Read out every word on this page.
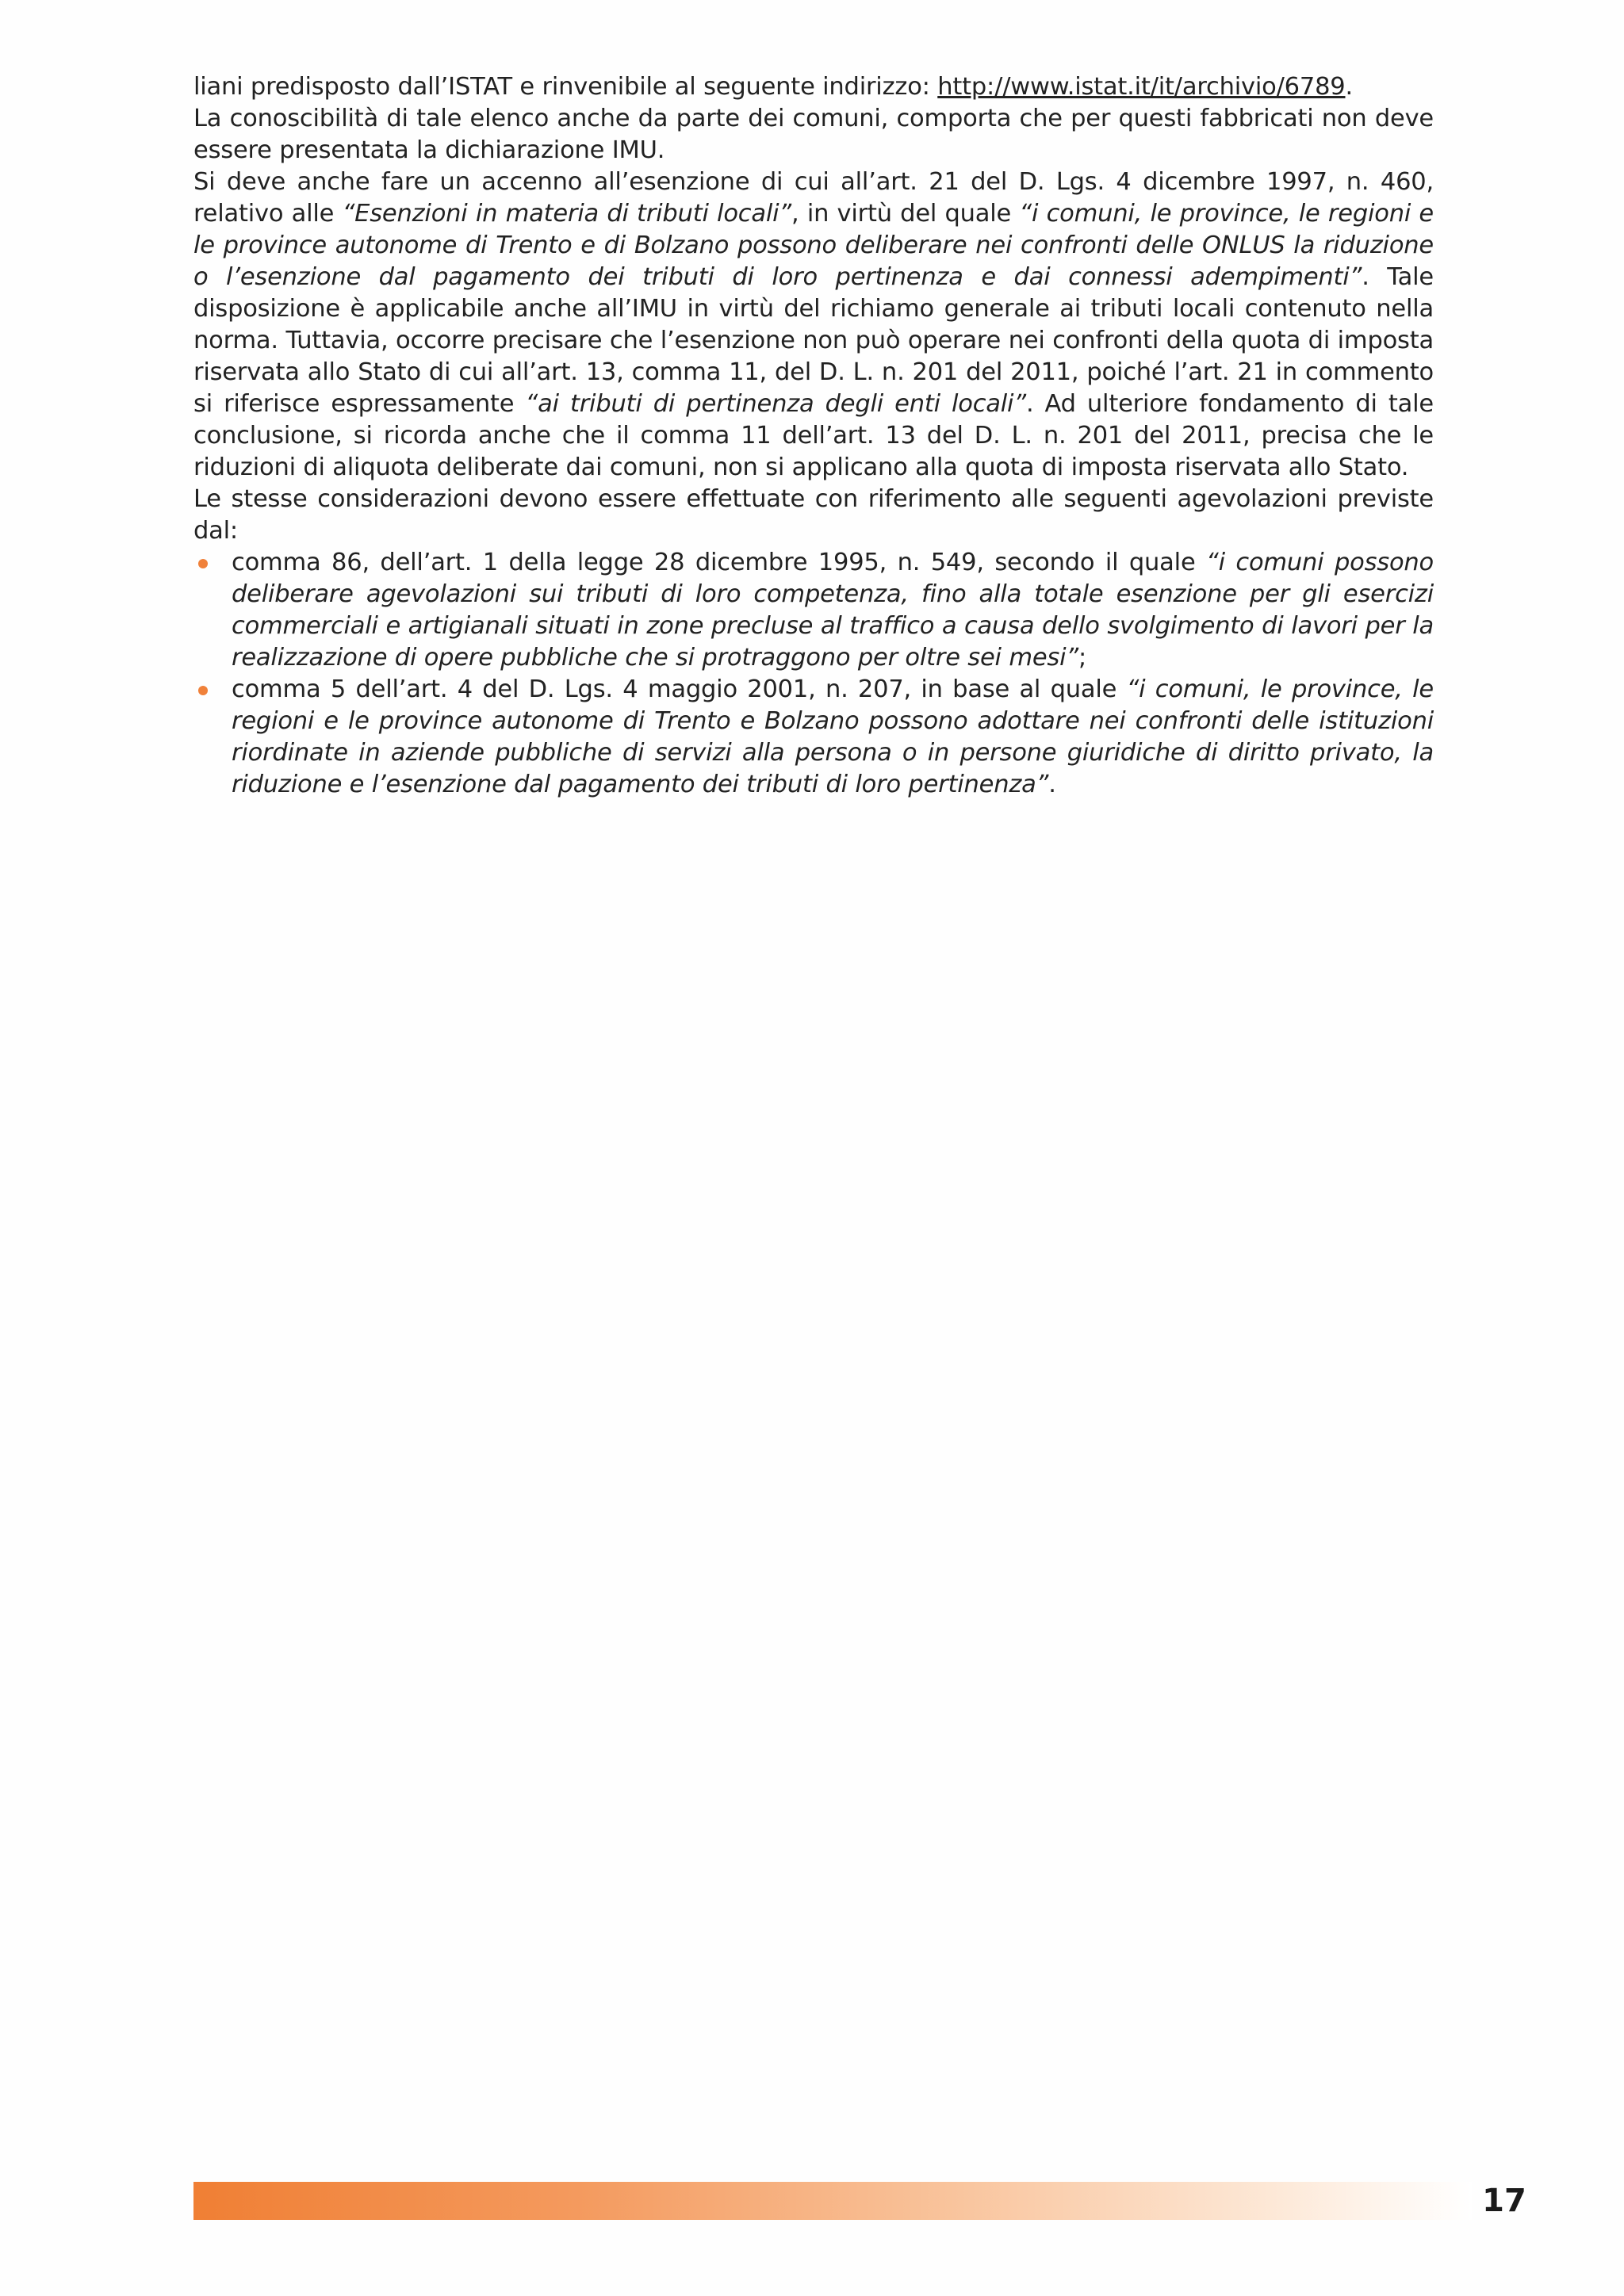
liani predisposto dall’ISTAT e rinvenibile al seguente indirizzo: http://www.istat.it/it/archivio/6789.

La conoscibilità di tale elenco anche da parte dei comuni, comporta che per questi fabbricati non deve essere presentata la dichiarazione IMU.

Si deve anche fare un accenno all’esenzione di cui all’art. 21 del D. Lgs. 4 dicembre 1997, n. 460, relativo alle “Esenzioni in materia di tributi locali”, in virtù del quale “i comuni, le province, le regioni e le province autonome di Trento e di Bolzano possono deliberare nei confronti delle ONLUS la riduzione o l’esenzione dal pagamento dei tributi di loro pertinenza e dai connessi adempimenti”. Tale disposizione è applicabile anche all’IMU in virtù del richiamo generale ai tributi locali contenuto nella norma. Tuttavia, occorre precisare che l’esenzione non può operare nei confronti della quota di imposta riservata allo Stato di cui all’art. 13, comma 11, del D. L. n. 201 del 2011, poiché l’art. 21 in commento si riferisce espressamente “ai tributi di pertinenza degli enti locali”. Ad ulteriore fondamento di tale conclusione, si ricorda anche che il comma 11 dell’art. 13 del D. L. n. 201 del 2011, precisa che le riduzioni di aliquota deliberate dai comuni, non si applicano alla quota di imposta riservata allo Stato.

Le stesse considerazioni devono essere effettuate con riferimento alle seguenti agevolazioni previste dal:

comma 86, dell’art. 1 della legge 28 dicembre 1995, n. 549, secondo il quale “i comuni possono deliberare agevolazioni sui tributi di loro competenza, fino alla totale esenzione per gli esercizi commerciali e artigianali situati in zone precluse al traffico a causa dello svolgimento di lavori per la realizzazione di opere pubbliche che si protraggono per oltre sei mesi”;
comma 5 dell’art. 4 del D. Lgs. 4 maggio 2001, n. 207, in base al quale “i comuni, le province, le regioni e le province autonome di Trento e Bolzano possono adottare nei confronti delle istituzioni riordinate in aziende pubbliche di servizi alla persona o in persone giuridiche di diritto privato, la riduzione e l’esenzione dal pagamento dei tributi di loro pertinenza”.
17
